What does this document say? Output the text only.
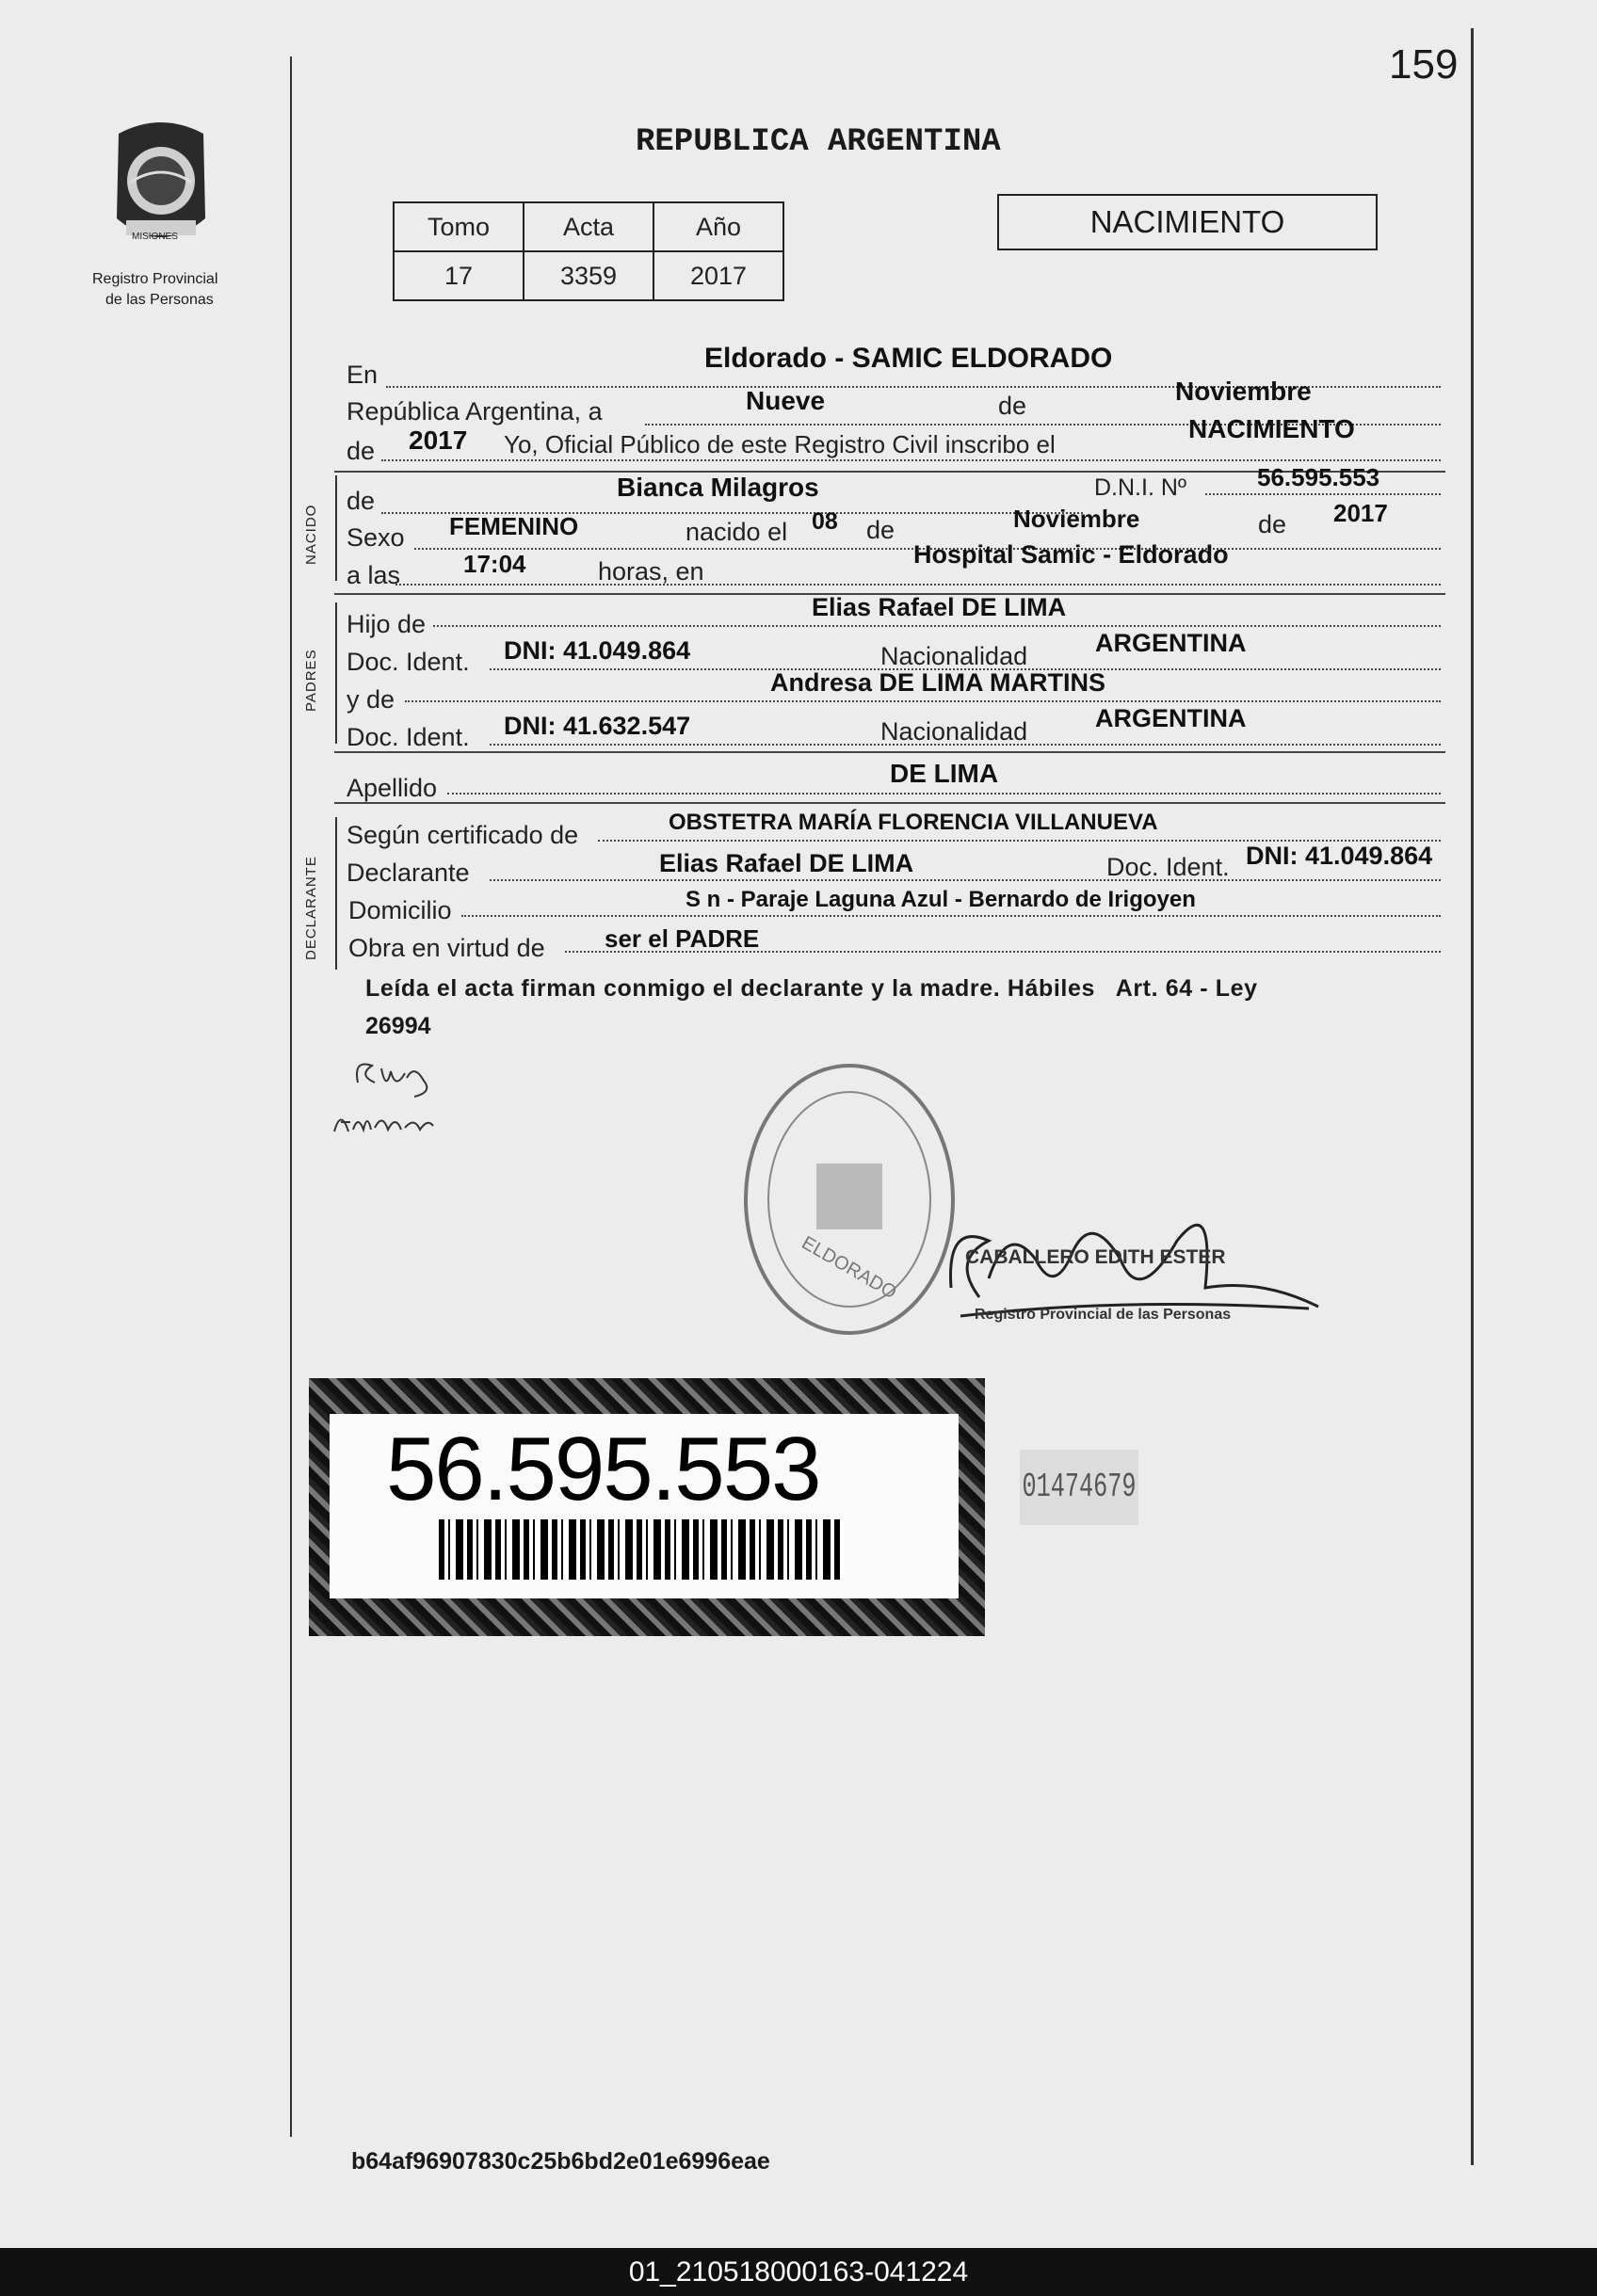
159
MISIONES
Registro Provincial
de las Personas
REPUBLICA ARGENTINA
Tomo	Acta	Año
17	3359	2017
NACIMIENTO
En
Eldorado - SAMIC ELDORADO
República Argentina, a	Nueve	de	Noviembre
de 2017 Yo, Oficial Público de este Registro Civil inscribo el
NACIMIENTO
NACIDO
de	Bianca Milagros	D.N.I. Nº	56.595.553
Sexo FEMENINO	nacido el 08 de	Noviembre	de 2017
a las	17:04	horas, en
Hospital Samic - Eldorado
PADRES
Hijo de
Elias Rafael DE LIMA
Doc. Ident. DNI: 41.049.864	Nacionalidad	ARGENTINA
y de
Andresa DE LIMA MARTINS
Doc. Ident. DNI: 41.632.547	Nacionalidad	ARGENTINA
Apellido	DE LIMA
DECLARANTE
Según certificado de	OBSTETRA MARÍA FLORENCIA VILLANUEVA
Declarante	Elias Rafael DE LIMA	Doc. Ident. DNI: 41.049.864
Domicilio	S n - Paraje Laguna Azul - Bernardo de Irigoyen
Obra en virtud de ser el PADRE
Leída el acta firman conmigo el declarante y la madre. Hábiles   Art. 64 - Ley
26994
ELDORADO	CABALLERO EDITH ESTER
Registro Provincial de las Personas
56.595.553	01474679
b64af96907830c25b6bd2e01e6996eae
01_210518000163-041224
